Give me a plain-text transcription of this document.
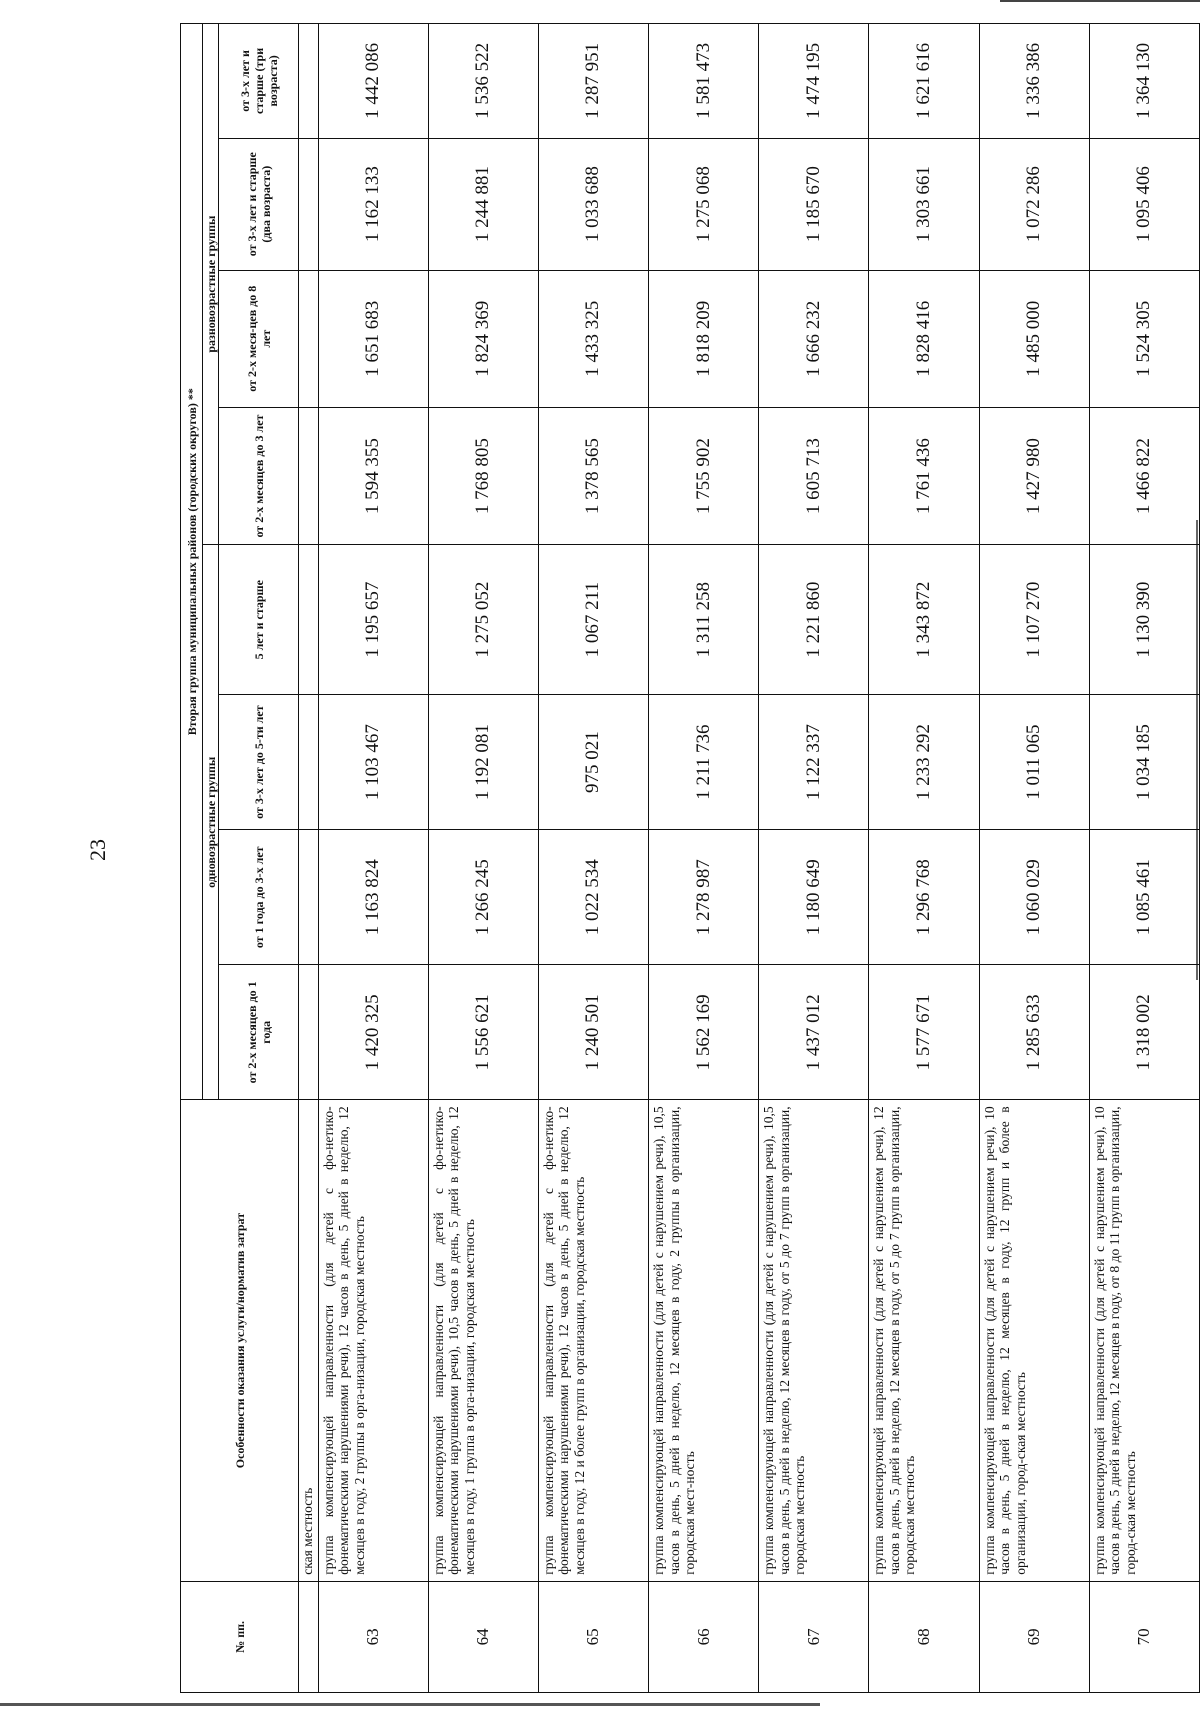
23
№ пп.	Особенности оказания услуги/норматив затрат	Вторая группа муниципальных районов (городских округов) **							
		одновозрастные группы				разновозрастные группы			
		от 2-х месяцев до 1 года	от 1 года до 3-х лет	от 3-х лет до 5-ти лет	5 лет и старше	от 2-х месяцев до 3 лет	от 2-х меся-цев до 8 лет	от 3-х лет и старше (два возраста)	от 3-х лет и старше (три возраста)
	ская местность								
63	группа компенсирующей направленности (для детей с фо-нетико-фонематическими нарушениями речи), 12 часов в день, 5 дней в неделю, 12 месяцев в году, 2 группы в орга-низации, городская местность	1 420 325	1 163 824	1 103 467	1 195 657	1 594 355	1 651 683	1 162 133	1 442 086
64	группа компенсирующей направленности (для детей с фо-нетико-фонематическими нарушениями речи), 10,5 часов в день, 5 дней в неделю, 12 месяцев в году, 1 группа в орга-низации, городская местность	1 556 621	1 266 245	1 192 081	1 275 052	1 768 805	1 824 369	1 244 881	1 536 522
65	группа компенсирующей направленности (для детей с фо-нетико-фонематическими нарушениями речи), 12 часов в день, 5 дней в неделю, 12 месяцев в году, 12 и более групп в организации, городская местность	1 240 501	1 022 534	975 021	1 067 211	1 378 565	1 433 325	1 033 688	1 287 951
66	группа компенсирующей направленности (для детей с нарушением речи), 10,5 часов в день, 5 дней в неделю, 12 месяцев в году, 2 группы в организации, городская мест-ность	1 562 169	1 278 987	1 211 736	1 311 258	1 755 902	1 818 209	1 275 068	1 581 473
67	группа компенсирующей направленности (для детей с нарушением речи), 10,5 часов в день, 5 дней в неделю, 12 месяцев в году, от 5 до 7 групп в организации, городская местность	1 437 012	1 180 649	1 122 337	1 221 860	1 605 713	1 666 232	1 185 670	1 474 195
68	группа компенсирующей направленности (для детей с нарушением речи), 12 часов в день, 5 дней в неделю, 12 месяцев в году, от 5 до 7 групп в организации, городская местность	1 577 671	1 296 768	1 233 292	1 343 872	1 761 436	1 828 416	1 303 661	1 621 616
69	группа компенсирующей направленности (для детей с нарушением речи), 10 часов в день, 5 дней в неделю, 12 месяцев в году, 12 групп и более в организации, город-ская местность	1 285 633	1 060 029	1 011 065	1 107 270	1 427 980	1 485 000	1 072 286	1 336 386
70	группа компенсирующей направленности (для детей с нарушением речи), 10 часов в день, 5 дней в неделю, 12 месяцев в году, от 8 до 11 групп в организации, город-ская местность	1 318 002	1 085 461	1 034 185	1 130 390	1 466 822	1 524 305	1 095 406	1 364 130
